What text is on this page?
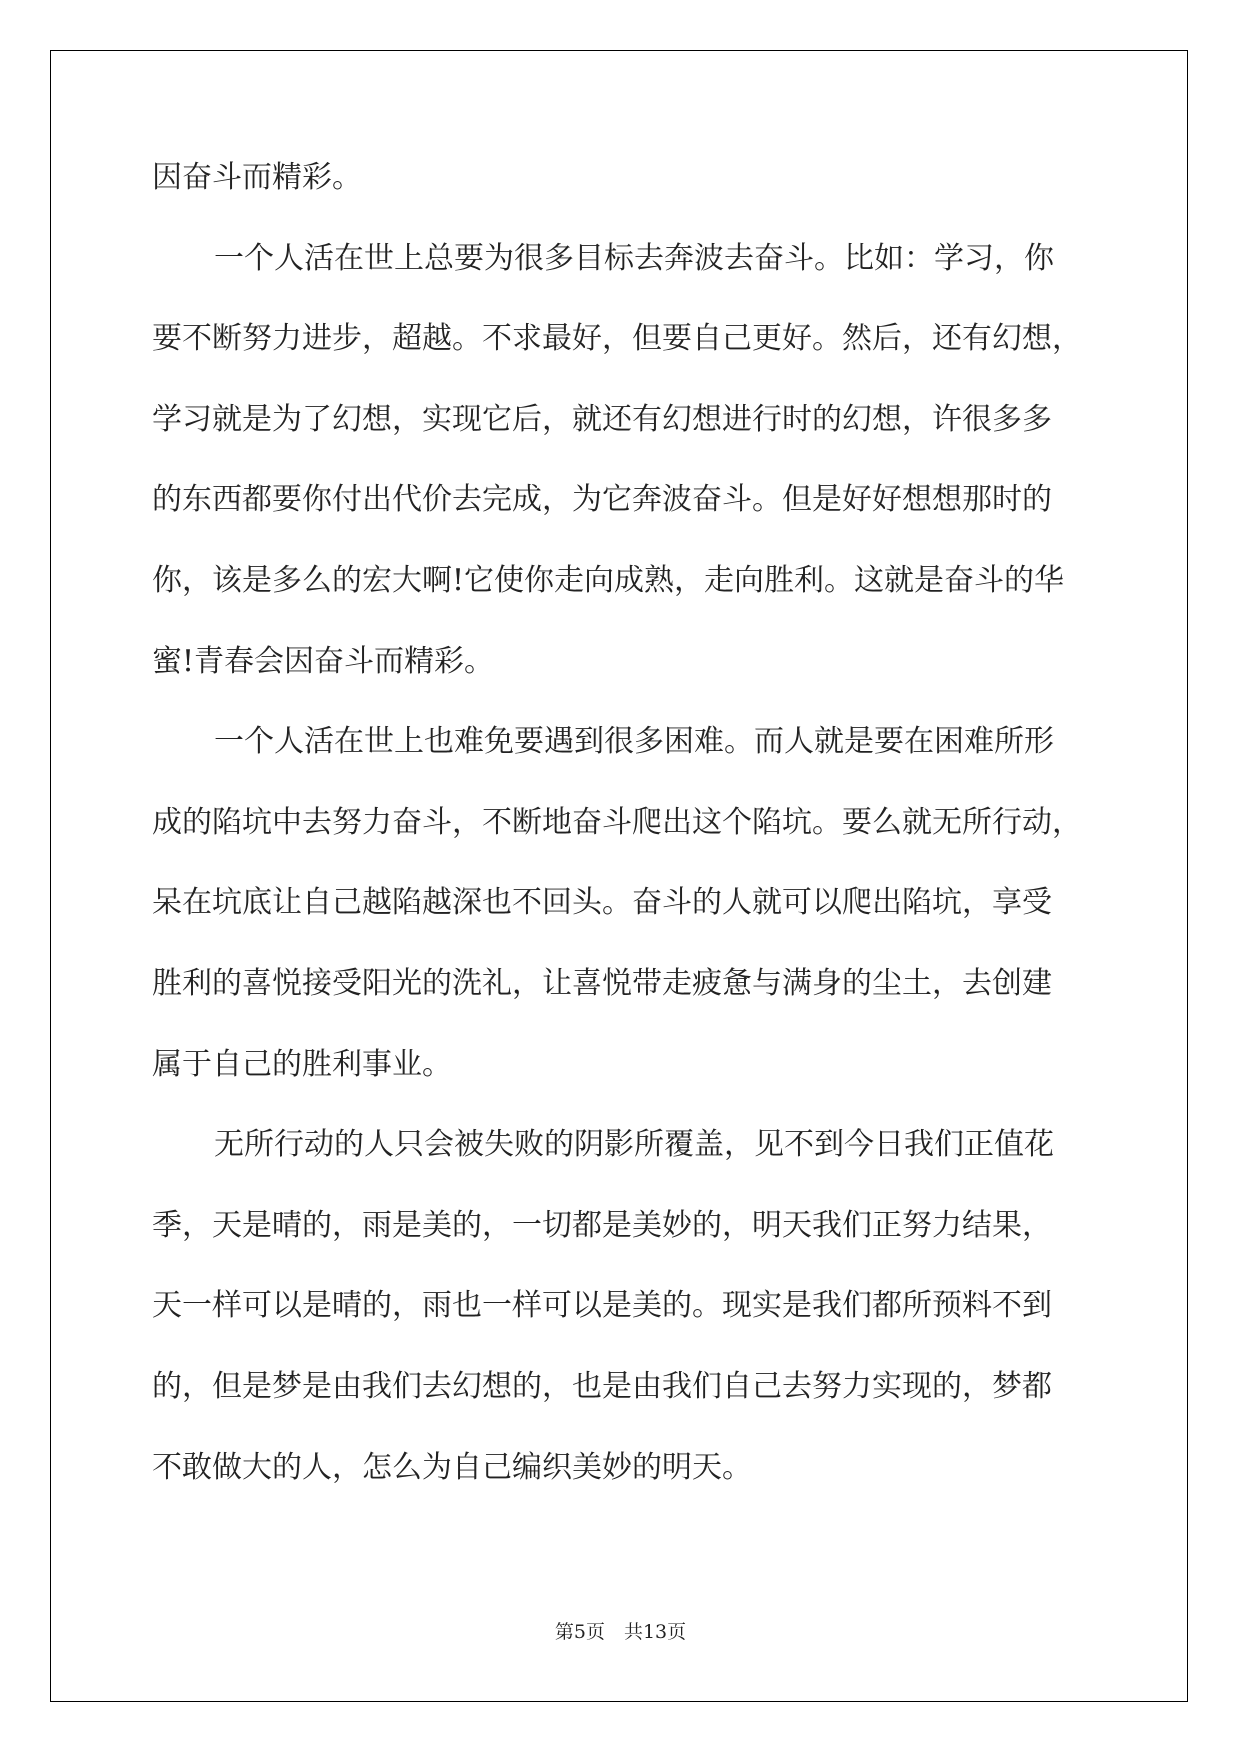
因奋斗而精彩。
一个人活在世上总要为很多目标去奔波去奋斗。比如：学习，你
要不断努力进步，超越。不求最好，但要自己更好。然后，还有幻想，
学习就是为了幻想，实现它后，就还有幻想进行时的幻想，许很多多
的东西都要你付出代价去完成，为它奔波奋斗。但是好好想想那时的
你，该是多么的宏大啊!它使你走向成熟，走向胜利。这就是奋斗的华
蜜!青春会因奋斗而精彩。
一个人活在世上也难免要遇到很多困难。而人就是要在困难所形
成的陷坑中去努力奋斗，不断地奋斗爬出这个陷坑。要么就无所行动，
呆在坑底让自己越陷越深也不回头。奋斗的人就可以爬出陷坑，享受
胜利的喜悦接受阳光的洗礼，让喜悦带走疲惫与满身的尘土，去创建
属于自己的胜利事业。
无所行动的人只会被失败的阴影所覆盖，见不到今日我们正值花
季，天是晴的，雨是美的，一切都是美妙的，明天我们正努力结果，
天一样可以是晴的，雨也一样可以是美的。现实是我们都所预料不到
的，但是梦是由我们去幻想的，也是由我们自己去努力实现的，梦都
不敢做大的人，怎么为自己编织美妙的明天。
第5页　共13页
